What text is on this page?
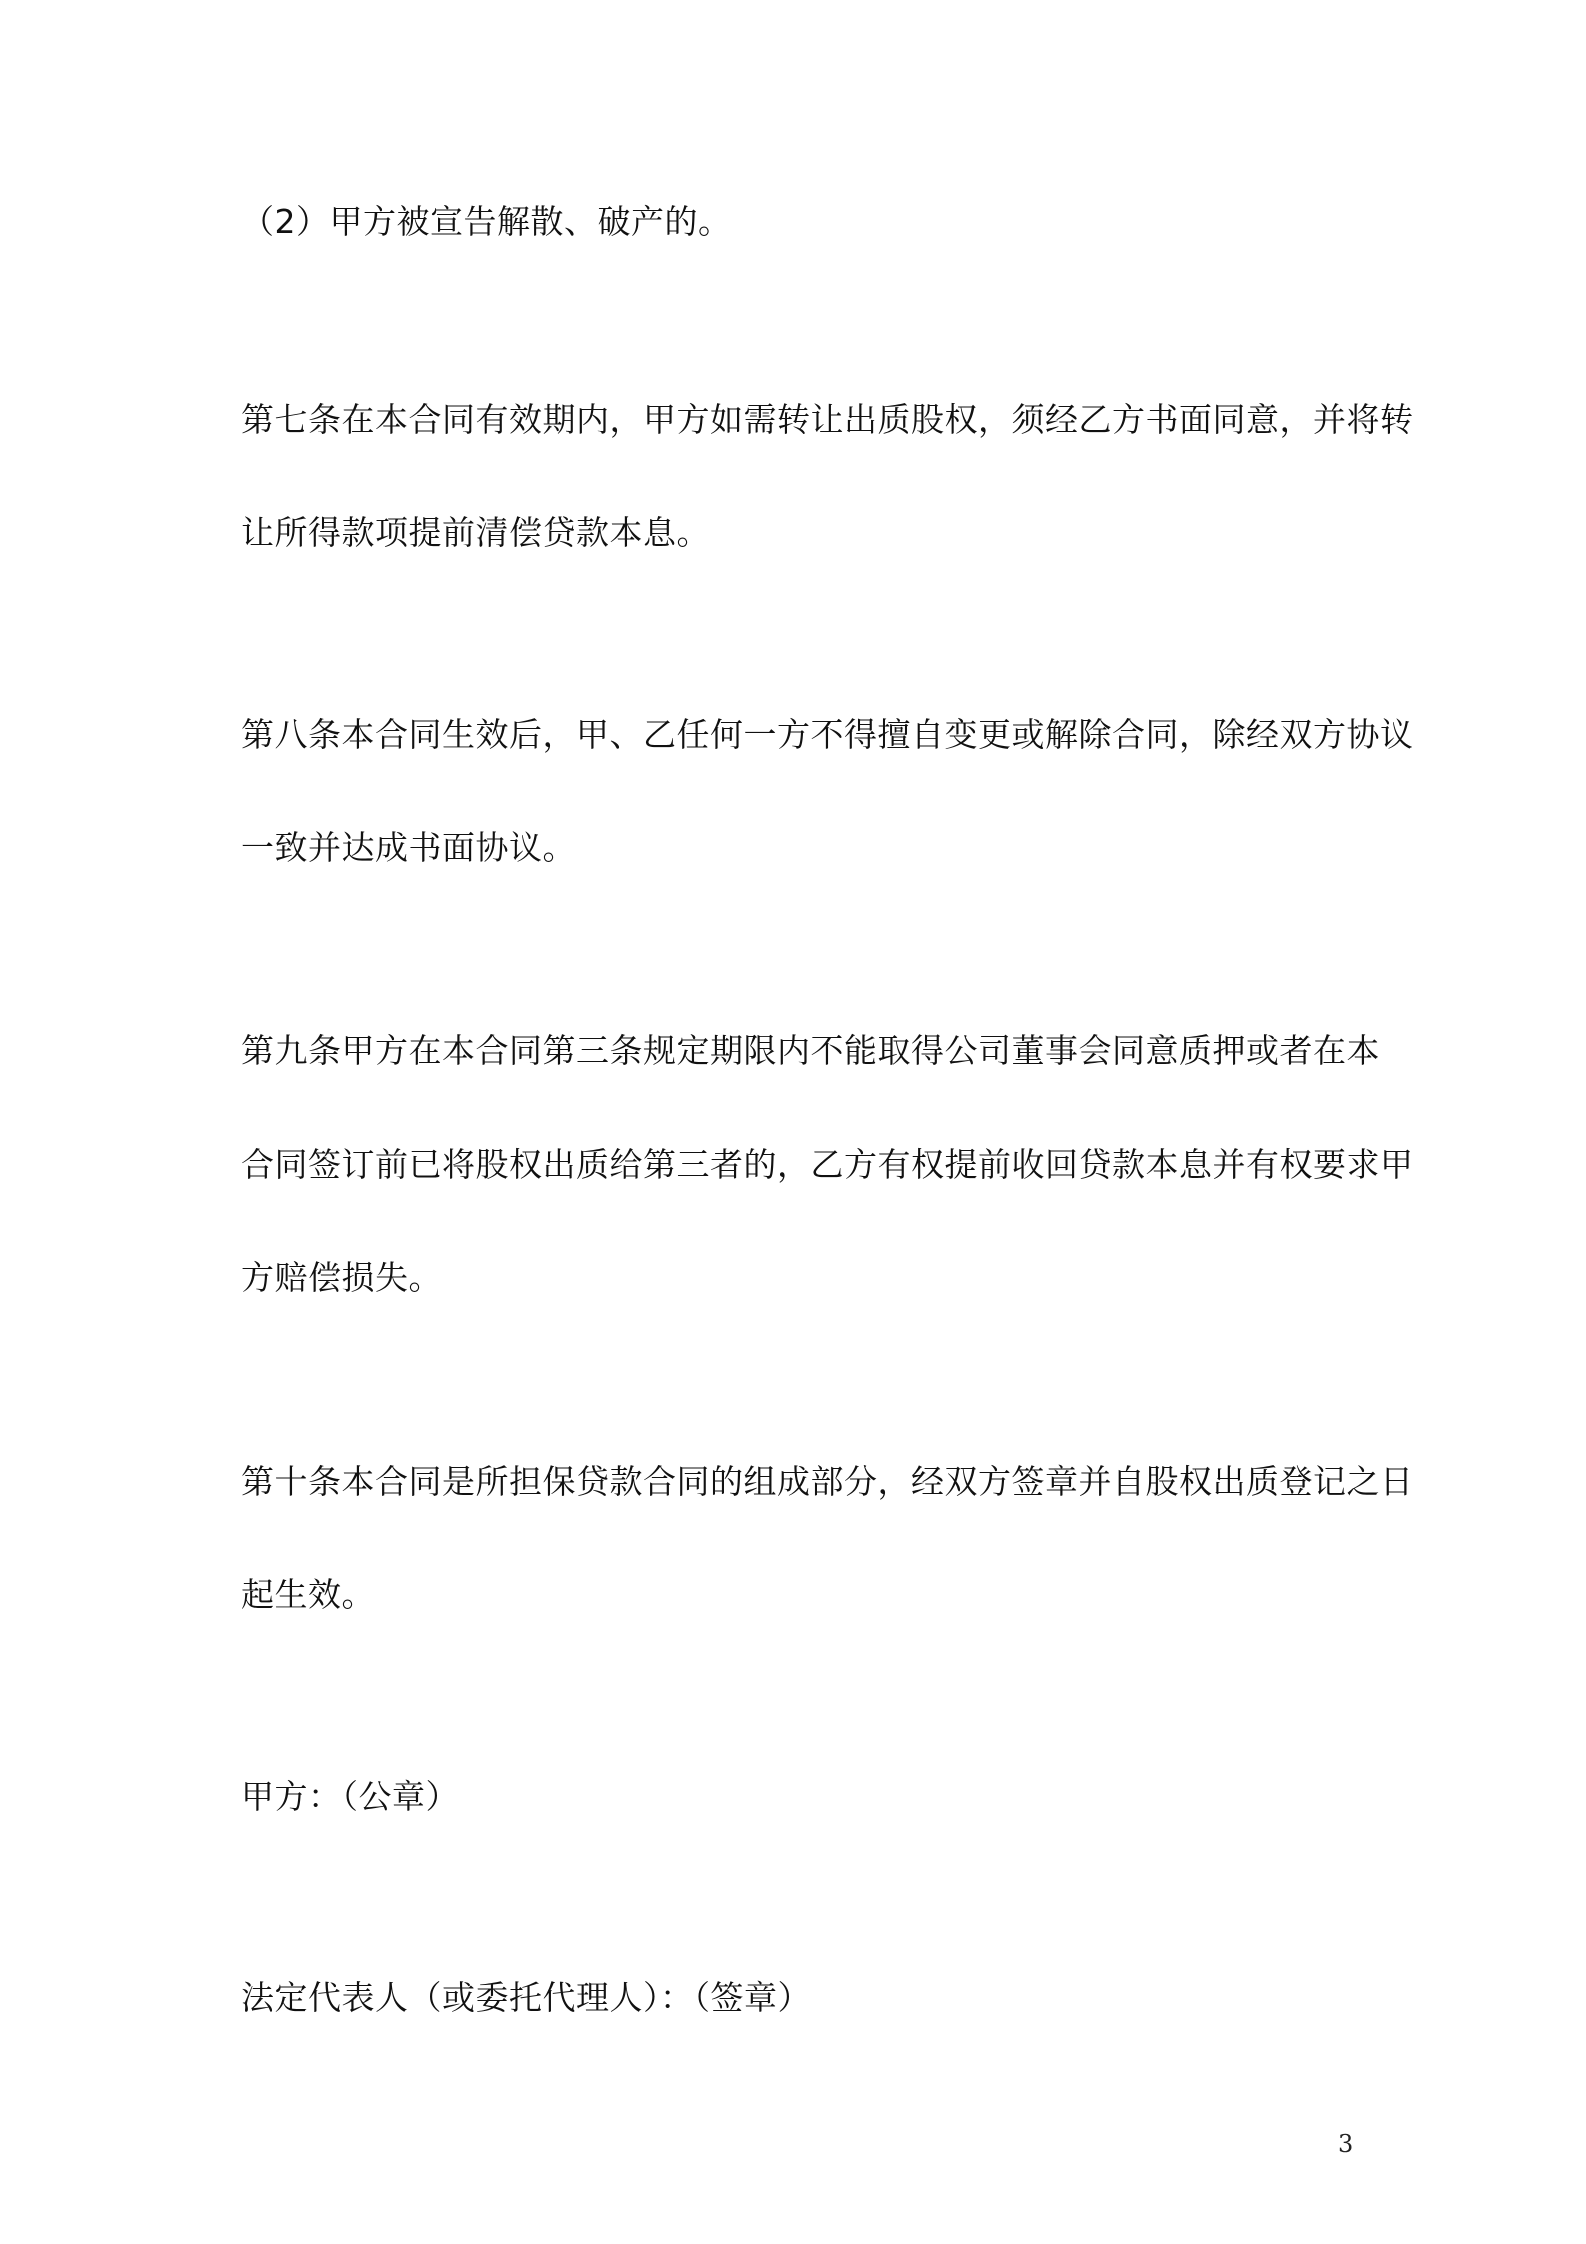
（2）甲方被宣告解散、破产的。
第七条在本合同有效期内，甲方如需转让出质股权，须经乙方书面同意，并将转
让所得款项提前清偿贷款本息。
第八条本合同生效后，甲、乙任何一方不得擅自变更或解除合同，除经双方协议
一致并达成书面协议。
第九条甲方在本合同第三条规定期限内不能取得公司董事会同意质押或者在本
合同签订前已将股权出质给第三者的，乙方有权提前收回贷款本息并有权要求甲
方赔偿损失。
第十条本合同是所担保贷款合同的组成部分，经双方签章并自股权出质登记之日
起生效。
甲方：（公章）
法定代表人（或委托代理人）：（签章）
3
